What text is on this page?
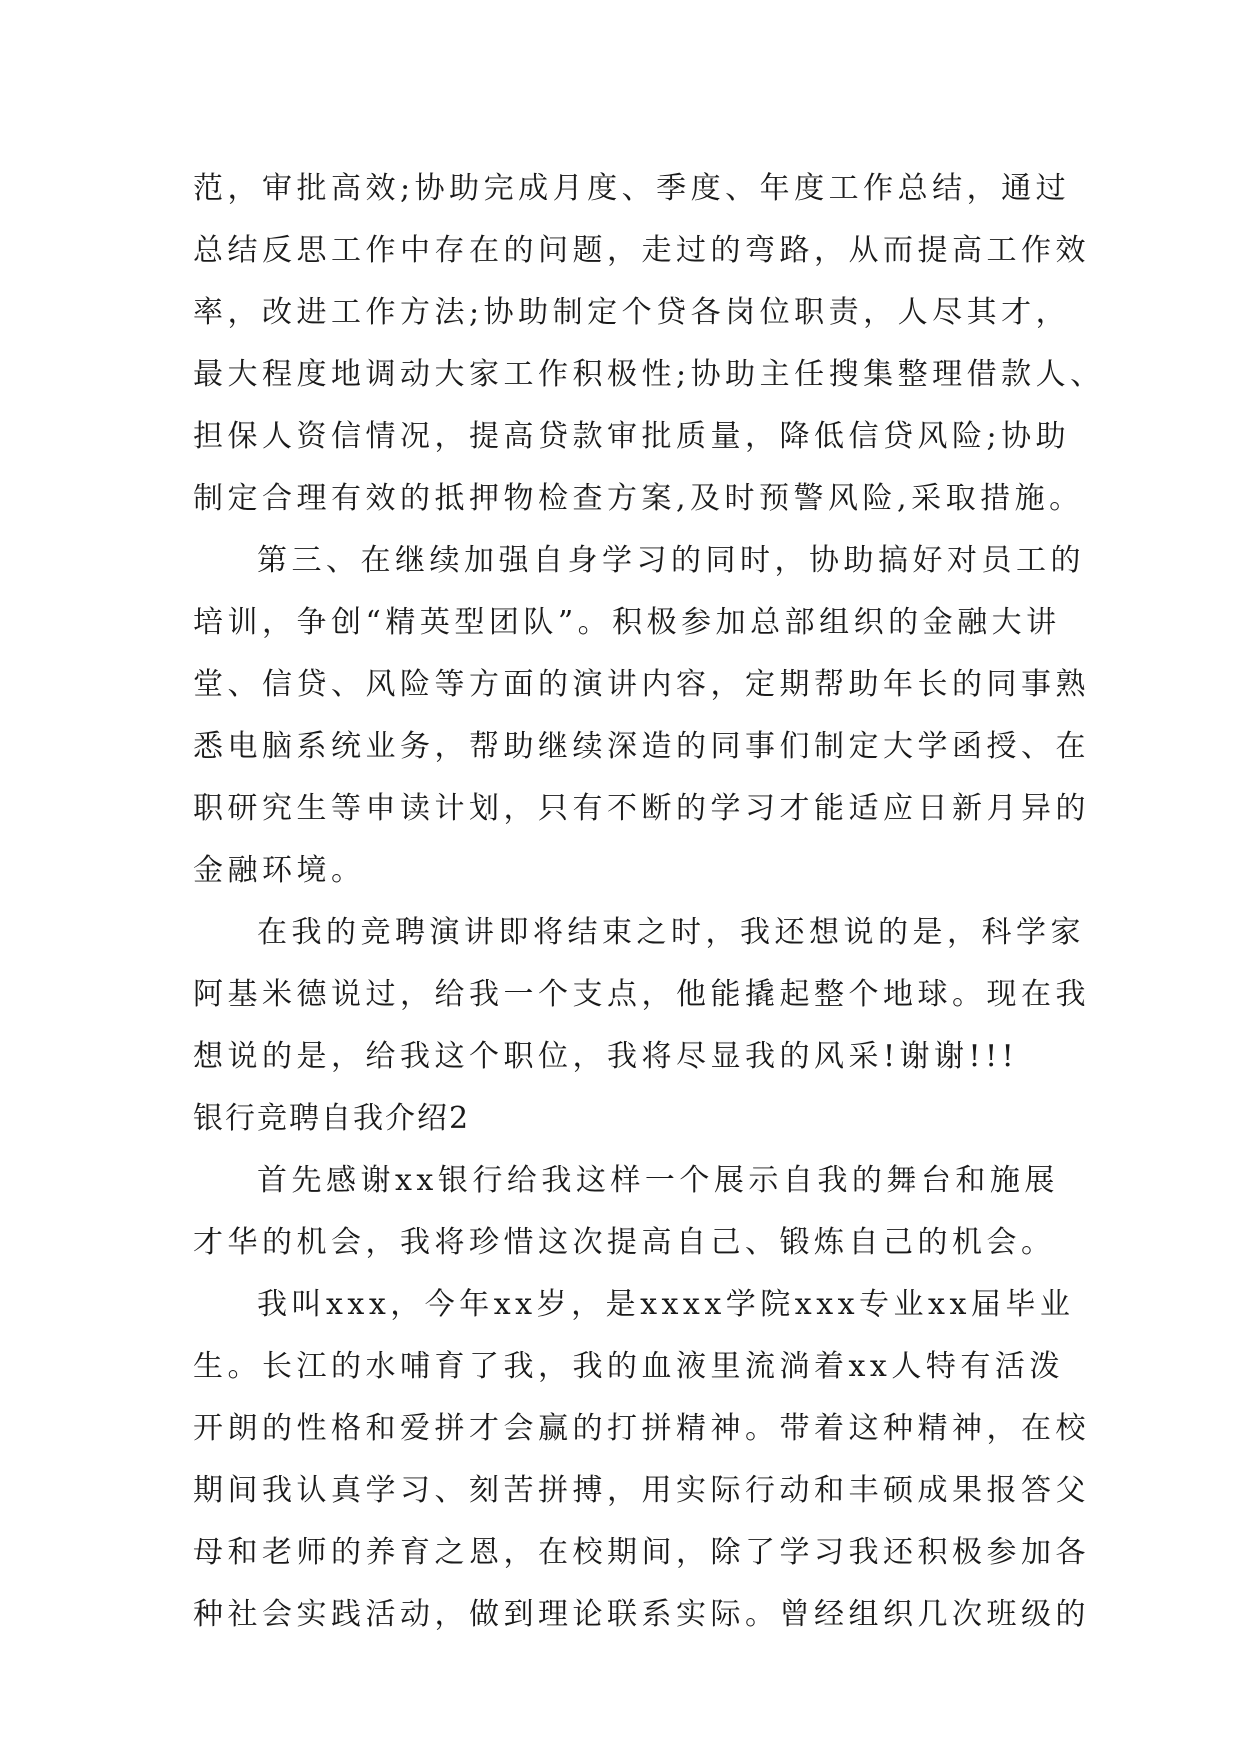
范，审批高效;协助完成月度、季度、年度工作总结，通过
总结反思工作中存在的问题，走过的弯路，从而提高工作效
率，改进工作方法;协助制定个贷各岗位职责，人尽其才，
最大程度地调动大家工作积极性;协助主任搜集整理借款人、
担保人资信情况，提高贷款审批质量，降低信贷风险;协助
制定合理有效的抵押物检查方案,及时预警风险,采取措施。
第三、在继续加强自身学习的同时，协助搞好对员工的
培训，争创“精英型团队”。积极参加总部组织的金融大讲
堂、信贷、风险等方面的演讲内容，定期帮助年长的同事熟
悉电脑系统业务，帮助继续深造的同事们制定大学函授、在
职研究生等申读计划，只有不断的学习才能适应日新月异的
金融环境。
在我的竞聘演讲即将结束之时，我还想说的是，科学家
阿基米德说过，给我一个支点，他能撬起整个地球。现在我
想说的是，给我这个职位，我将尽显我的风采!谢谢!!!
银行竞聘自我介绍2
首先感谢xx银行给我这样一个展示自我的舞台和施展
才华的机会，我将珍惜这次提高自己、锻炼自己的机会。
我叫xxx，今年xx岁，是xxxx学院xxx专业xx届毕业
生。长江的水哺育了我，我的血液里流淌着xx人特有活泼
开朗的性格和爱拼才会赢的打拼精神。带着这种精神，在校
期间我认真学习、刻苦拼搏，用实际行动和丰硕成果报答父
母和老师的养育之恩，在校期间，除了学习我还积极参加各
种社会实践活动，做到理论联系实际。曾经组织几次班级的
